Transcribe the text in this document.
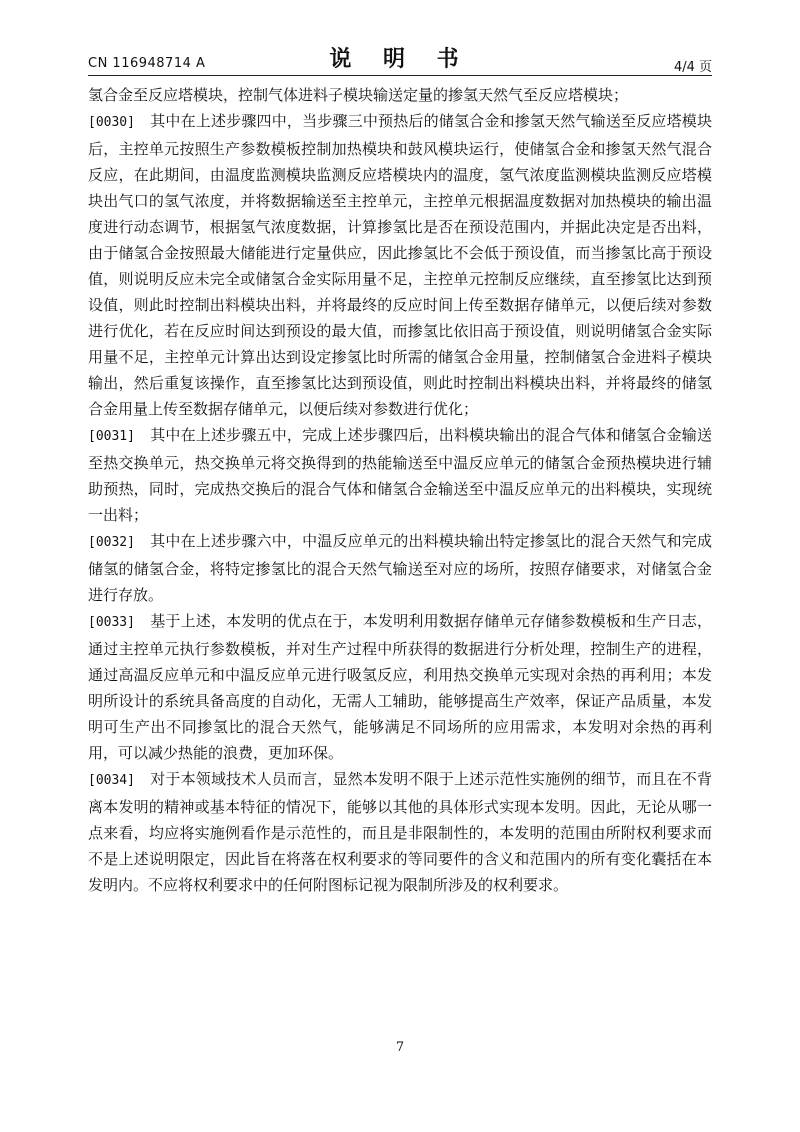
CN 116948714 A	说 明 书	4/4 页

氢合金至反应塔模块，控制气体进料子模块输送定量的掺氢天然气至反应塔模块；

[0030] 其中在上述步骤四中，当步骤三中预热后的储氢合金和掺氢天然气输送至反应塔模块后，主控单元按照生产参数模板控制加热模块和鼓风模块运行，使储氢合金和掺氢天然气混合反应，在此期间，由温度监测模块监测反应塔模块内的温度，氢气浓度监测模块监测反应塔模块出气口的氢气浓度，并将数据输送至主控单元，主控单元根据温度数据对加热模块的输出温度进行动态调节，根据氢气浓度数据，计算掺氢比是否在预设范围内，并据此决定是否出料，由于储氢合金按照最大储能进行定量供应，因此掺氢比不会低于预设值，而当掺氢比高于预设值，则说明反应未完全或储氢合金实际用量不足，主控单元控制反应继续，直至掺氢比达到预设值，则此时控制出料模块出料，并将最终的反应时间上传至数据存储单元，以便后续对参数进行优化，若在反应时间达到预设的最大值，而掺氢比依旧高于预设值，则说明储氢合金实际用量不足，主控单元计算出达到设定掺氢比时所需的储氢合金用量，控制储氢合金进料子模块输出，然后重复该操作，直至掺氢比达到预设值，则此时控制出料模块出料，并将最终的储氢合金用量上传至数据存储单元，以便后续对参数进行优化；

[0031] 其中在上述步骤五中，完成上述步骤四后，出料模块输出的混合气体和储氢合金输送至热交换单元，热交换单元将交换得到的热能输送至中温反应单元的储氢合金预热模块进行辅助预热，同时，完成热交换后的混合气体和储氢合金输送至中温反应单元的出料模块，实现统一出料；

[0032] 其中在上述步骤六中，中温反应单元的出料模块输出特定掺氢比的混合天然气和完成储氢的储氢合金，将特定掺氢比的混合天然气输送至对应的场所，按照存储要求，对储氢合金进行存放。

[0033] 基于上述，本发明的优点在于，本发明利用数据存储单元存储参数模板和生产日志，通过主控单元执行参数模板，并对生产过程中所获得的数据进行分析处理，控制生产的进程，通过高温反应单元和中温反应单元进行吸氢反应，利用热交换单元实现对余热的再利用；本发明所设计的系统具备高度的自动化，无需人工辅助，能够提高生产效率，保证产品质量，本发明可生产出不同掺氢比的混合天然气，能够满足不同场所的应用需求，本发明对余热的再利用，可以减少热能的浪费，更加环保。

[0034] 对于本领域技术人员而言，显然本发明不限于上述示范性实施例的细节，而且在不背离本发明的精神或基本特征的情况下，能够以其他的具体形式实现本发明。因此，无论从哪一点来看，均应将实施例看作是示范性的，而且是非限制性的，本发明的范围由所附权利要求而不是上述说明限定，因此旨在将落在权利要求的等同要件的含义和范围内的所有变化囊括在本发明内。不应将权利要求中的任何附图标记视为限制所涉及的权利要求。

7
